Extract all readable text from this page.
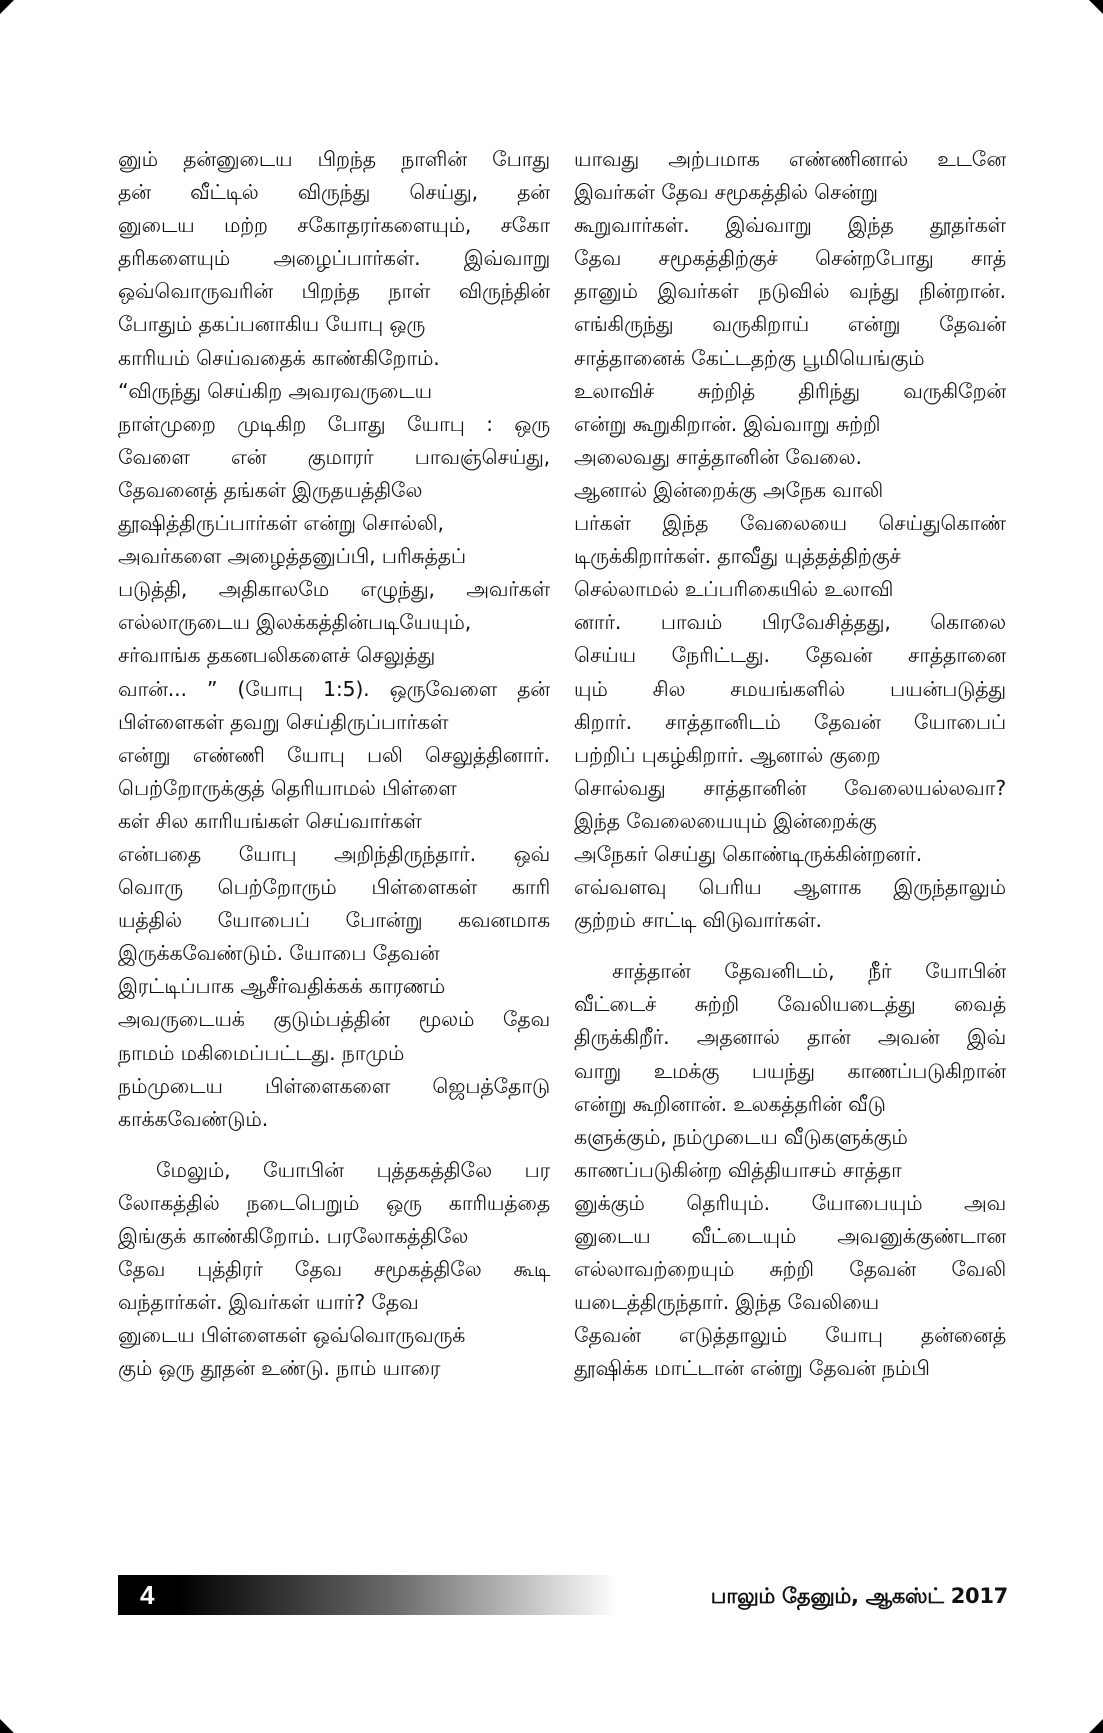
னும் தன்னுடைய பிறந்த நாளின் போது
தன் வீட்டில் விருந்து செய்து, தன்
னுடைய மற்ற சகோதரர்களையும், சகோ
தரிகளையும் அழைப்பார்கள். இவ்வாறு
ஒவ்வொருவரின் பிறந்த நாள் விருந்தின்
போதும் தகப்பனாகிய யோபு ஒரு
காரியம் செய்வதைக் காண்கிறோம்.
“விருந்து செய்கிற அவரவருடைய
நாள்முறை முடிகிற போது யோபு : ஒரு
வேளை என் குமாரர் பாவஞ்செய்து,
தேவனைத் தங்கள் இருதயத்திலே
தூஷித்திருப்பார்கள் என்று சொல்லி,
அவர்களை அழைத்தனுப்பி, பரிசுத்தப்
படுத்தி, அதிகாலமே எழுந்து, அவர்கள்
எல்லாருடைய இலக்கத்தின்படியேயும்,
சர்வாங்க தகனபலிகளைச் செலுத்து
வான்... ” (யோபு 1:5). ஒருவேளை தன்
பிள்ளைகள் தவறு செய்திருப்பார்கள்
என்று எண்ணி யோபு பலி செலுத்தினார்.
பெற்றோருக்குத் தெரியாமல் பிள்ளை
கள் சில காரியங்கள் செய்வார்கள்
என்பதை யோபு அறிந்திருந்தார். ஒவ்
வொரு பெற்றோரும் பிள்ளைகள் காரி
யத்தில் யோபைப் போன்று கவனமாக
இருக்கவேண்டும். யோபை தேவன்
இரட்டிப்பாக ஆசீர்வதிக்கக் காரணம்
அவருடையக் குடும்பத்தின் மூலம் தேவ
நாமம் மகிமைப்பட்டது. நாமும்
நம்முடைய பிள்ளைகளை ஜெபத்தோடு
காக்கவேண்டும்.
மேலும், யோபின் புத்தகத்திலே பர
லோகத்தில் நடைபெறும் ஒரு காரியத்தை
இங்குக் காண்கிறோம். பரலோகத்திலே
தேவ புத்திரர் தேவ சமூகத்திலே கூடி
வந்தார்கள். இவர்கள் யார்? தேவ
னுடைய பிள்ளைகள் ஒவ்வொருவருக்
கும் ஒரு தூதன் உண்டு. நாம் யாரை
யாவது அற்பமாக எண்ணினால் உடனே
இவர்கள் தேவ சமூகத்தில் சென்று
கூறுவார்கள். இவ்வாறு இந்த தூதர்கள்
தேவ சமூகத்திற்குச் சென்றபோது சாத்
தானும் இவர்கள் நடுவில் வந்து நின்றான்.
எங்கிருந்து வருகிறாய் என்று தேவன்
சாத்தானைக் கேட்டதற்கு பூமியெங்கும்
உலாவிச் சுற்றித் திரிந்து வருகிறேன்
என்று கூறுகிறான். இவ்வாறு சுற்றி
அலைவது சாத்தானின் வேலை.
ஆனால் இன்றைக்கு அநேக வாலி
பர்கள் இந்த வேலையை செய்துகொண்
டிருக்கிறார்கள். தாவீது யுத்தத்திற்குச்
செல்லாமல் உப்பரிகையில் உலாவி
னார். பாவம் பிரவேசித்தது, கொலை
செய்ய நேரிட்டது. தேவன் சாத்தானை
யும் சில சமயங்களில் பயன்படுத்து
கிறார். சாத்தானிடம் தேவன் யோபைப்
பற்றிப் புகழ்கிறார். ஆனால் குறை
சொல்வது சாத்தானின் வேலையல்லவா?
இந்த வேலையையும் இன்றைக்கு
அநேகர் செய்து கொண்டிருக்கின்றனர்.
எவ்வளவு பெரிய ஆளாக இருந்தாலும்
குற்றம் சாட்டி விடுவார்கள்.
சாத்தான் தேவனிடம், நீர் யோபின்
வீட்டைச் சுற்றி வேலியடைத்து வைத்
திருக்கிறீர். அதனால் தான் அவன் இவ்
வாறு உமக்கு பயந்து காணப்படுகிறான்
என்று கூறினான். உலகத்தரின் வீடு
களுக்கும், நம்முடைய வீடுகளுக்கும்
காணப்படுகின்ற வித்தியாசம் சாத்தா
னுக்கும் தெரியும். யோபையும் அவ
னுடைய வீட்டையும் அவனுக்குண்டான
எல்லாவற்றையும் சுற்றி தேவன் வேலி
யடைத்திருந்தார். இந்த வேலியை
தேவன் எடுத்தாலும் யோபு தன்னைத்
தூஷிக்க மாட்டான் என்று தேவன் நம்பி
4	பாலும் தேனும், ஆகஸ்ட் 2017
